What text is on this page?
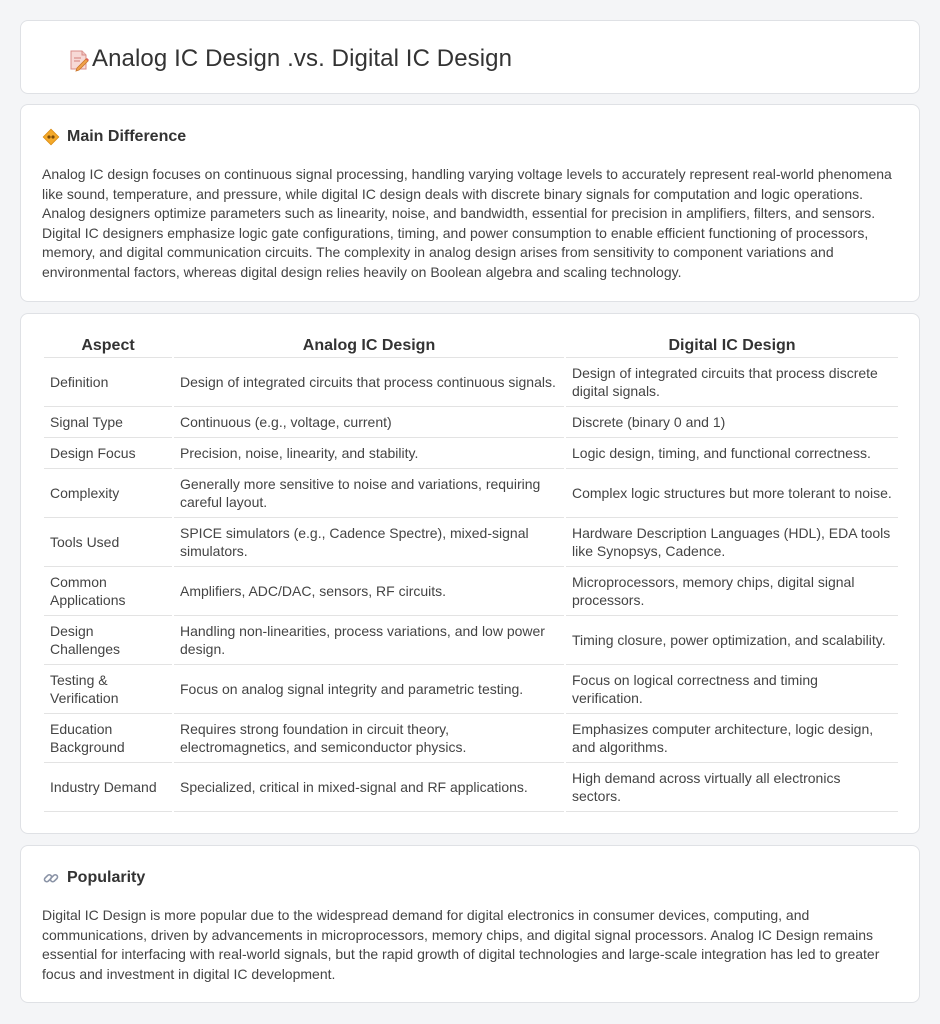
Analog IC Design .vs. Digital IC Design
Main Difference

Analog IC design focuses on continuous signal processing, handling varying voltage levels to accurately represent real-world phenomena like sound, temperature, and pressure, while digital IC design deals with discrete binary signals for computation and logic operations. Analog designers optimize parameters such as linearity, noise, and bandwidth, essential for precision in amplifiers, filters, and sensors. Digital IC designers emphasize logic gate configurations, timing, and power consumption to enable efficient functioning of processors, memory, and digital communication circuits. The complexity in analog design arises from sensitivity to component variations and environmental factors, whereas digital design relies heavily on Boolean algebra and scaling technology.

Aspect	Analog IC Design	Digital IC Design
Definition	Design of integrated circuits that process continuous signals.	Design of integrated circuits that process discrete digital signals.
Signal Type	Continuous (e.g., voltage, current)	Discrete (binary 0 and 1)
Design Focus	Precision, noise, linearity, and stability.	Logic design, timing, and functional correctness.
Complexity	Generally more sensitive to noise and variations, requiring careful layout.	Complex logic structures but more tolerant to noise.
Tools Used	SPICE simulators (e.g., Cadence Spectre), mixed-signal simulators.	Hardware Description Languages (HDL), EDA tools like Synopsys, Cadence.
Common Applications	Amplifiers, ADC/DAC, sensors, RF circuits.	Microprocessors, memory chips, digital signal processors.
Design Challenges	Handling non-linearities, process variations, and low power design.	Timing closure, power optimization, and scalability.
Testing & Verification	Focus on analog signal integrity and parametric testing.	Focus on logical correctness and timing verification.
Education Background	Requires strong foundation in circuit theory, electromagnetics, and semiconductor physics.	Emphasizes computer architecture, logic design, and algorithms.
Industry Demand	Specialized, critical in mixed-signal and RF applications.	High demand across virtually all electronics sectors.
Popularity

Digital IC Design is more popular due to the widespread demand for digital electronics in consumer devices, computing, and communications, driven by advancements in microprocessors, memory chips, and digital signal processors. Analog IC Design remains essential for interfacing with real-world signals, but the rapid growth of digital technologies and large-scale integration has led to greater focus and investment in digital IC development.
